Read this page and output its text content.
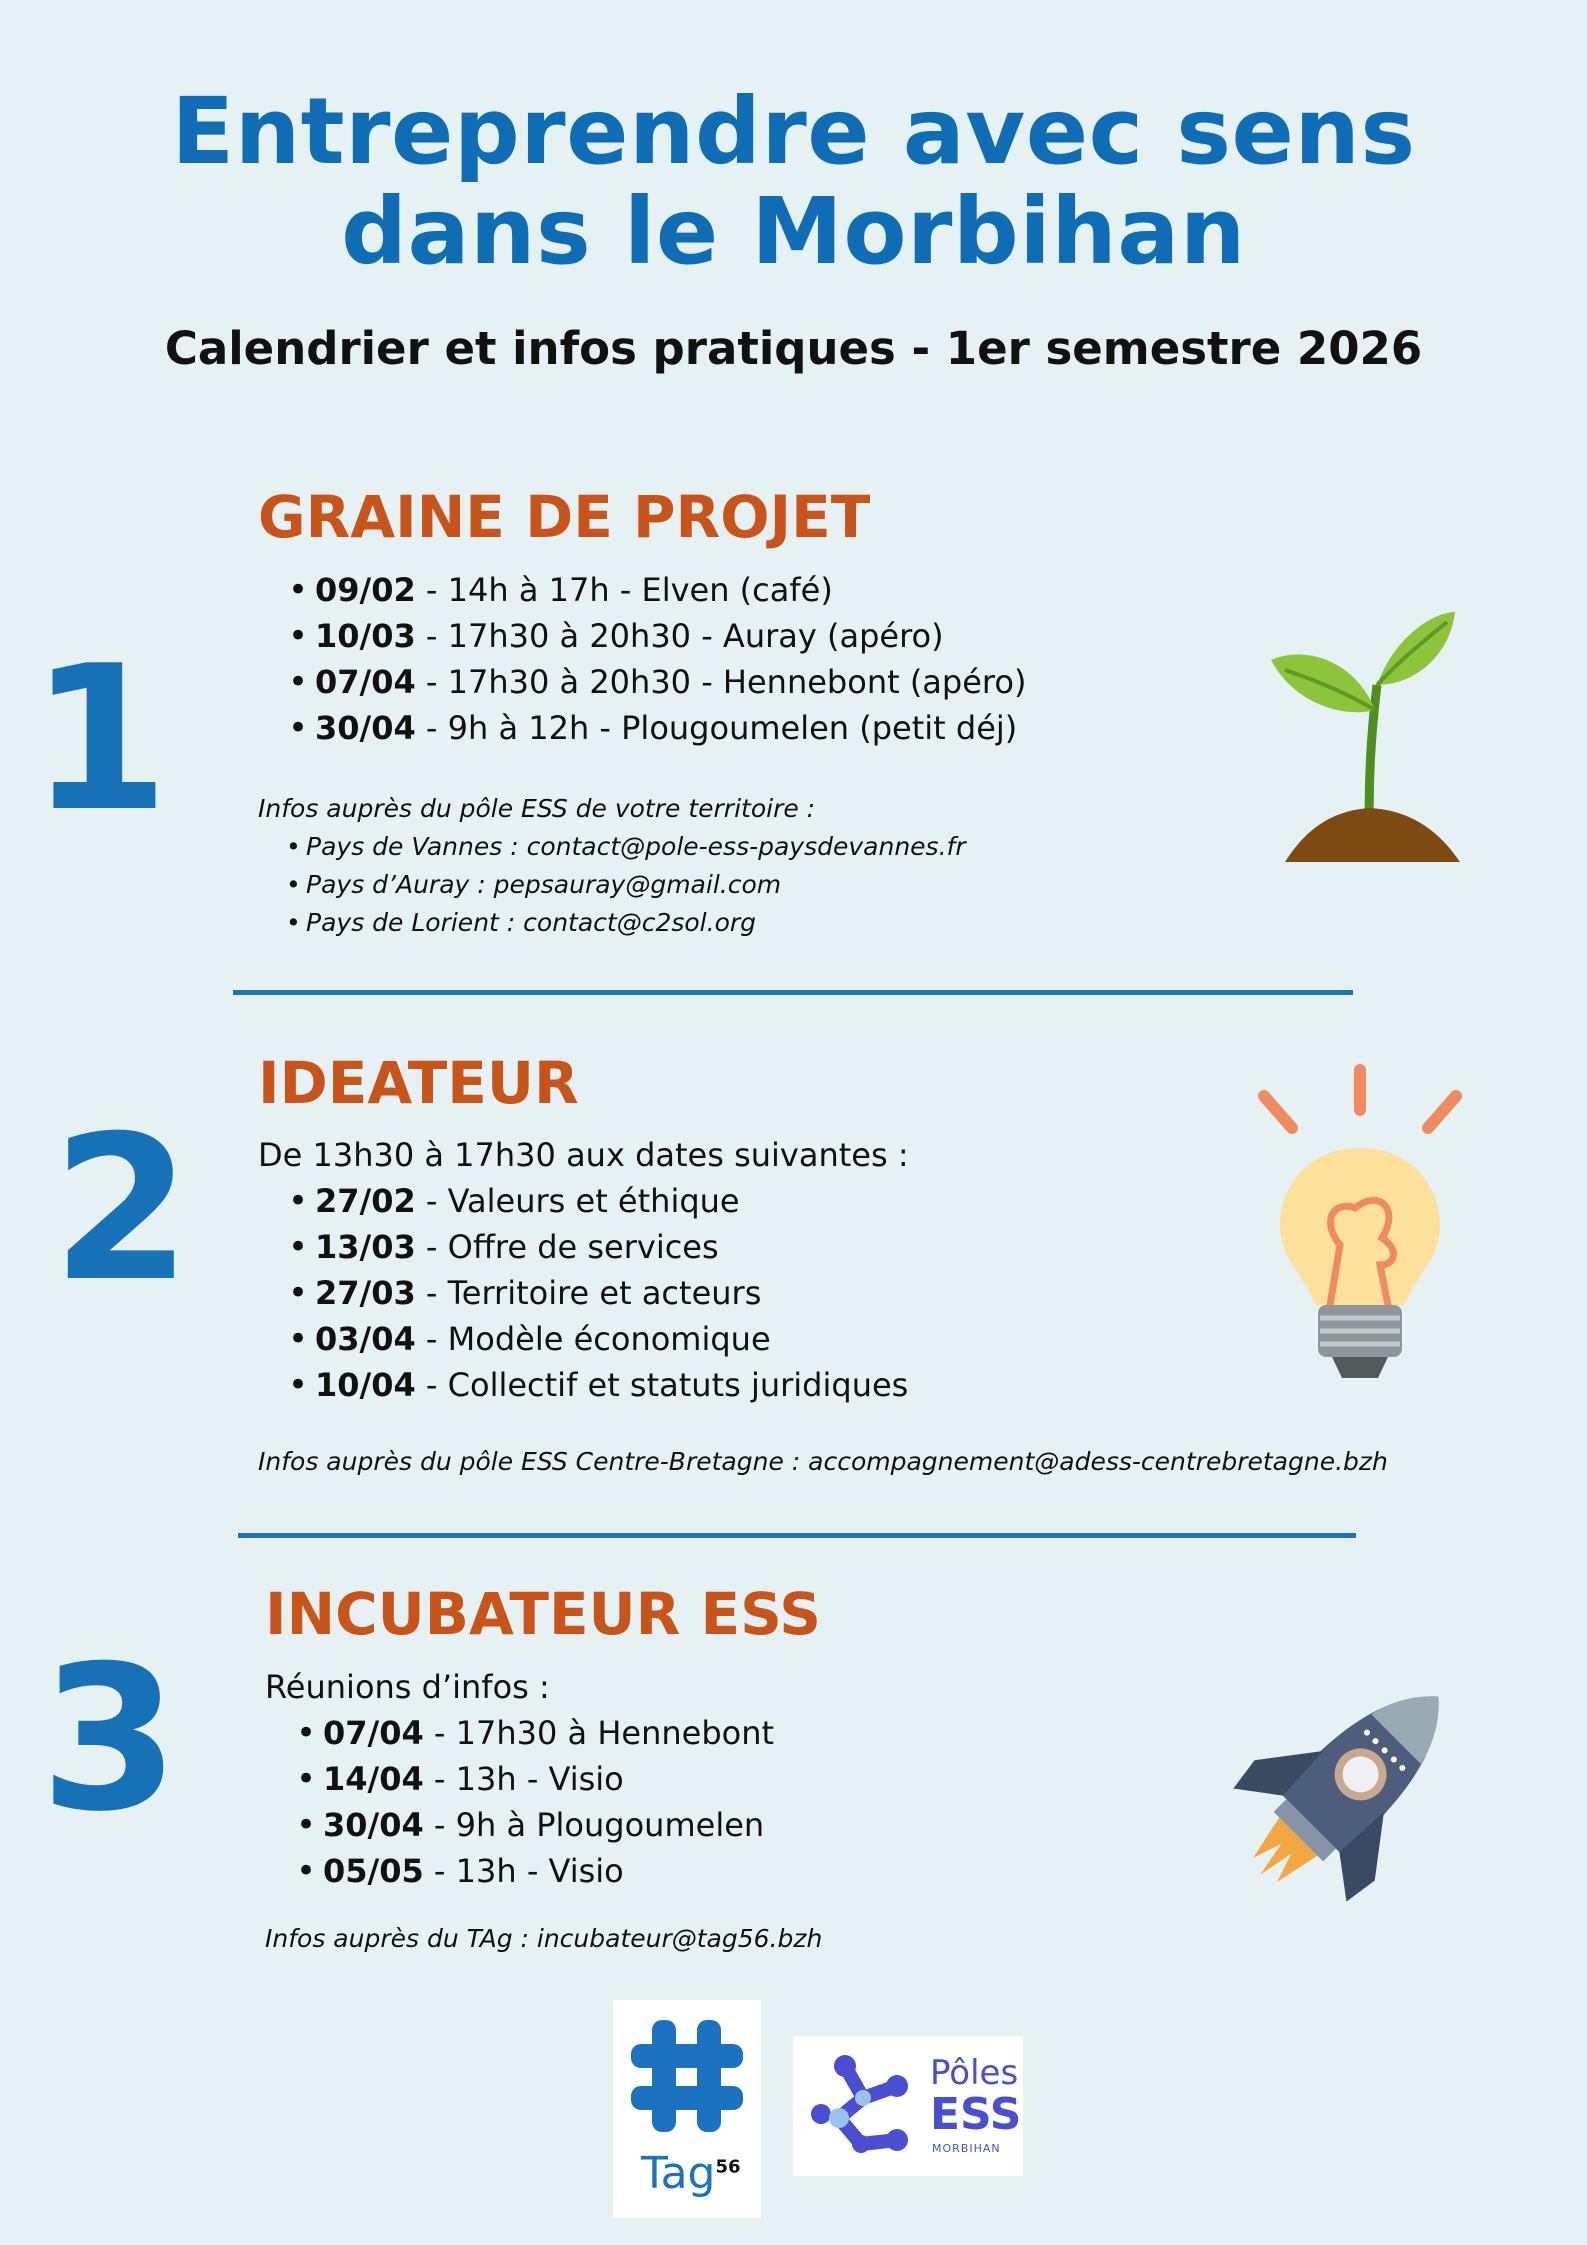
Entreprendre avec sens
dans le Morbihan
Calendrier et infos pratiques - 1er semestre 2026
1
GRAINE DE PROJET
• 09/02 - 14h à 17h - Elven (café)
• 10/03 - 17h30 à 20h30 - Auray (apéro)
• 07/04 - 17h30 à 20h30 - Hennebont (apéro)
• 30/04 - 9h à 12h - Plougoumelen (petit déj)
Infos auprès du pôle ESS de votre territoire :
• Pays de Vannes : contact@pole-ess-paysdevannes.fr
• Pays d’Auray : pepsauray@gmail.com
• Pays de Lorient : contact@c2sol.org
2
IDEATEUR
De 13h30 à 17h30 aux dates suivantes :
• 27/02 - Valeurs et éthique
• 13/03 - Offre de services
• 27/03 - Territoire et acteurs
• 03/04 - Modèle économique
• 10/04 - Collectif et statuts juridiques
Infos auprès du pôle ESS Centre-Bretagne : accompagnement@adess-centrebretagne.bzh
3
INCUBATEUR ESS
Réunions d’infos :
• 07/04 - 17h30 à Hennebont
• 14/04 - 13h - Visio
• 30/04 - 9h à Plougoumelen
• 05/05 - 13h - Visio
Infos auprès du TAg : incubateur@tag56.bzh
Tag$^{56}$
Pôles
ESS
MORBIHAN
